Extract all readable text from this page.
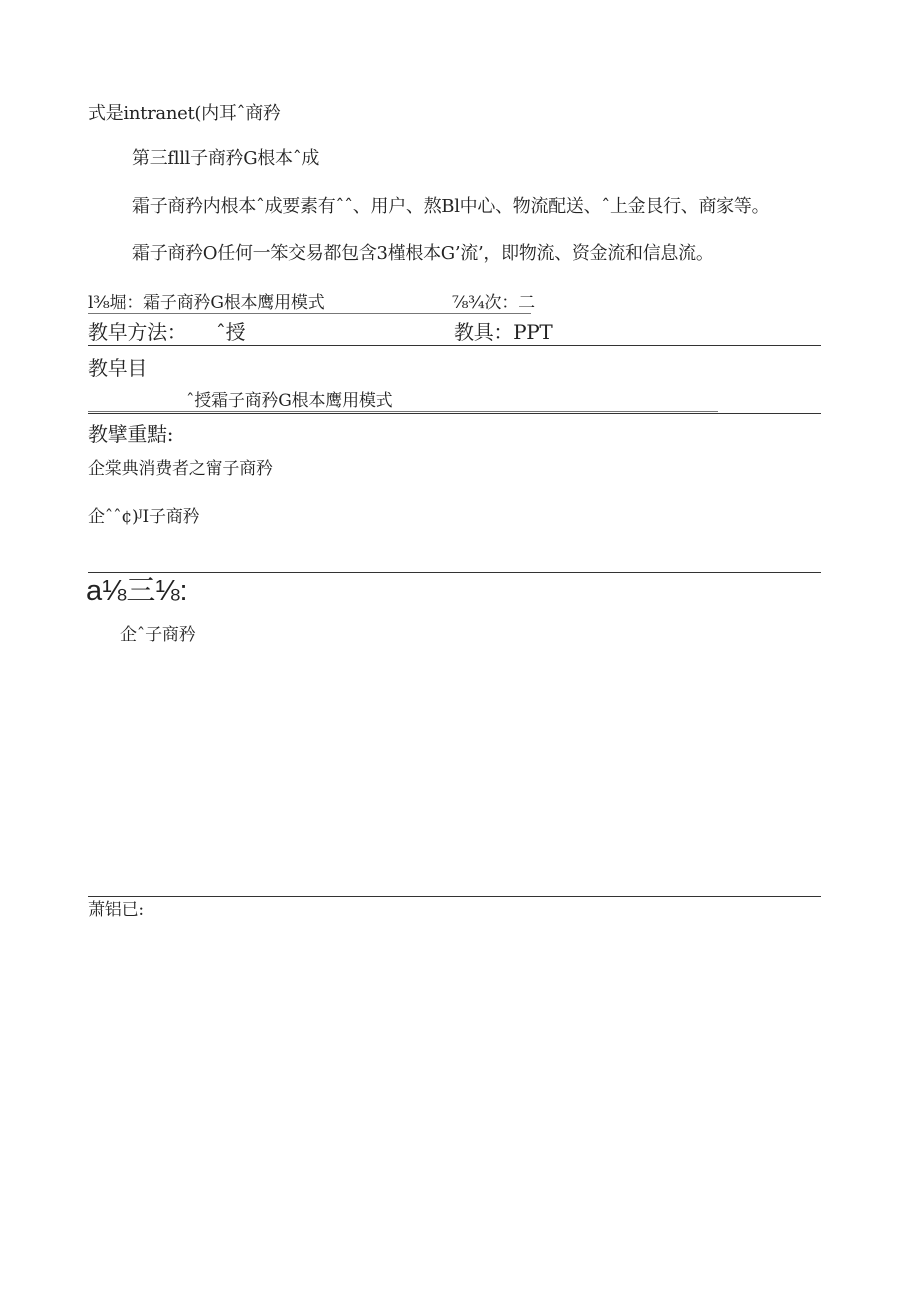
式是intranet(内耳ˆ商矜
第三flll子商矜G根本ˆ成
霜子商矜内根本ˆ成要素有ˆˆ、用户、熬Bl中心、物流配送、ˆ上金艮行、商家等。
霜子商矜O任何一笨交易都包含3槿根本G’流’，即物流、资金流和信息流。
l⅜堀：霜子商矜G根本鹰用模式	⅞¾次：二
教皁方法：　　ˆ授	教具：PPT
教皁目
ˆ授霜子商矜G根本鹰用模式
教擘重黠:
企棠典消费者之甯子商矜
企ˆˆ¢)ᴶI子商矜
a⅛三⅛:
企ˆ子商矜
萧铝已:
